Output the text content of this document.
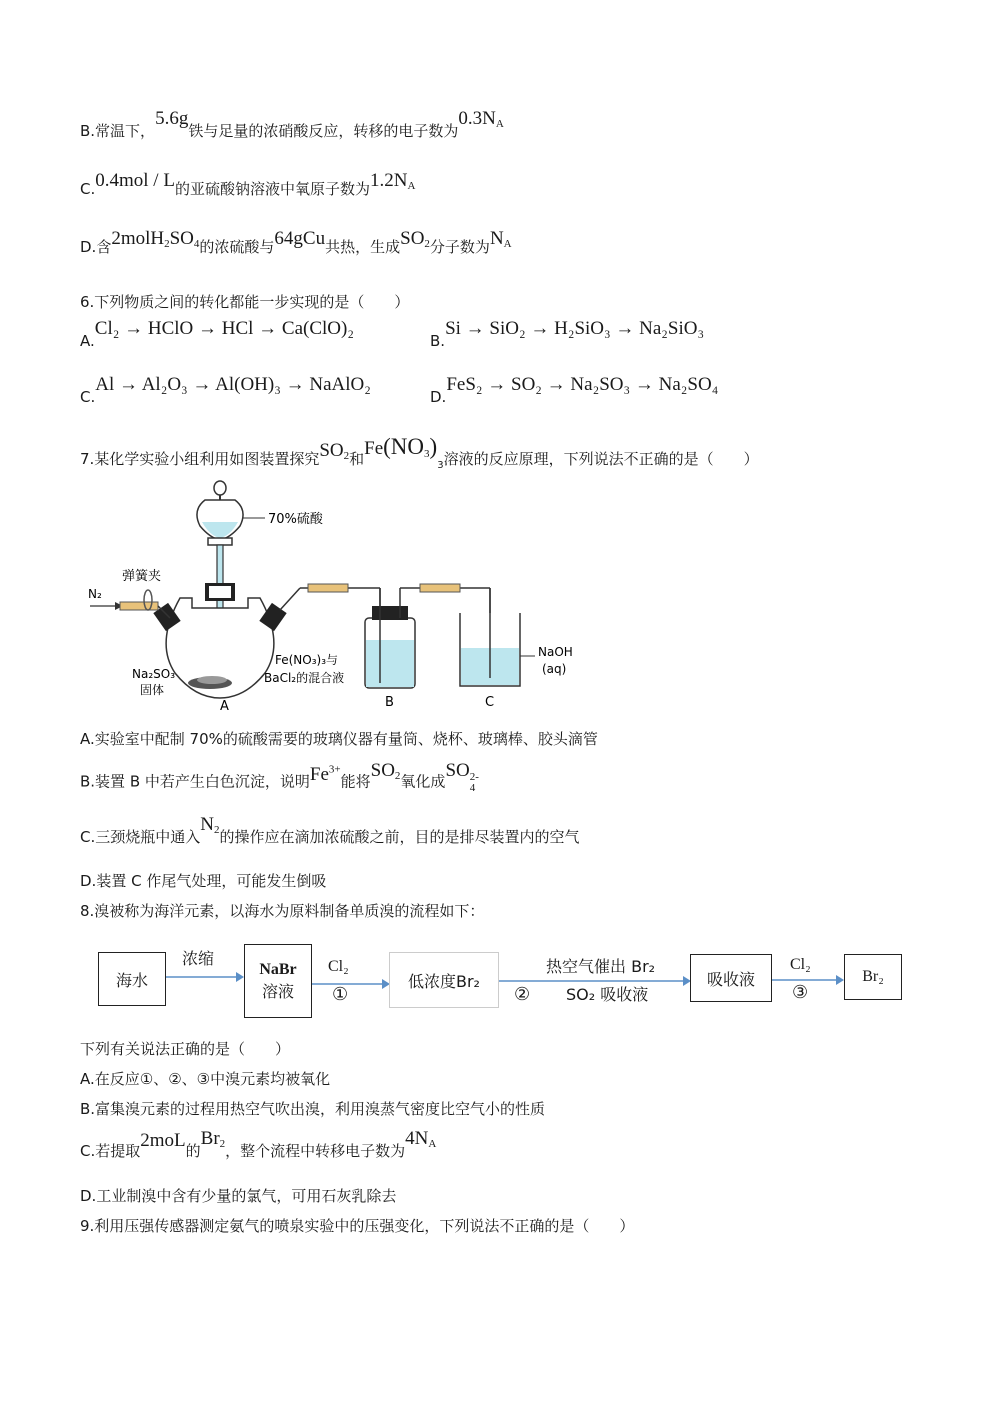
B.常温下，5.6g铁与足量的浓硝酸反应，转移的电子数为$0.3N_A$
C.0.4mol / L的亚硫酸钠溶液中氧原子数为$1.2N_A$
D.含$2molH_2SO_4$的浓硫酸与64gCu共热，生成$SO_2$分子数为$N_A$
6.下列物质之间的转化都能一步实现的是（　　）
A.Cl₂ → HClO → HCl → Ca(ClO)₂
B.Si → SiO₂ → H₂SiO₃ → Na₂SiO₃
C.Al → Al₂O₃ → Al(OH)₃ → NaAlO₂
D.FeS₂ → SO₂ → Na₂SO₃ → Na₂SO₄
7.某化学实验小组利用如图装置探究$SO_2$和$Fe(NO_3)_3$溶液的反应原理，下列说法不正确的是（　　）
70%硫酸
N₂
弹簧夹
NaOH
(aq)
Na₂SO₃
固体
Fe(NO₃)₃与
BaCl₂的混合液
A	B	C
A.实验室中配制 70%的硫酸需要的玻璃仪器有量筒、烧杯、玻璃棒、胶头滴管
B.装置 B 中若产生白色沉淀，说明$Fe^{3+}$能将$SO_2$氧化成SO 2-
4
C.三颈烧瓶中通入$N_2$的操作应在滴加浓硫酸之前，目的是排尽装置内的空气
D.装置 C 作尾气处理，可能发生倒吸
8.溴被称为海洋元素，以海水为原料制备单质溴的流程如下：
海水
浓缩
NaBr
溶液
Cl₂
①
低浓度Br₂
②
热空气催出 Br₂
SO₂ 吸收液
吸收液
Cl₂
③
Br₂
下列有关说法正确的是（　　）
A.在反应①、②、③中溴元素均被氧化
B.富集溴元素的过程用热空气吹出溴，利用溴蒸气密度比空气小的性质
C.若提取2moL的$Br_2$，整个流程中转移电子数为$4N_A$
D.工业制溴中含有少量的氯气，可用石灰乳除去
9.利用压强传感器测定氨气的喷泉实验中的压强变化，下列说法不正确的是（　　）
